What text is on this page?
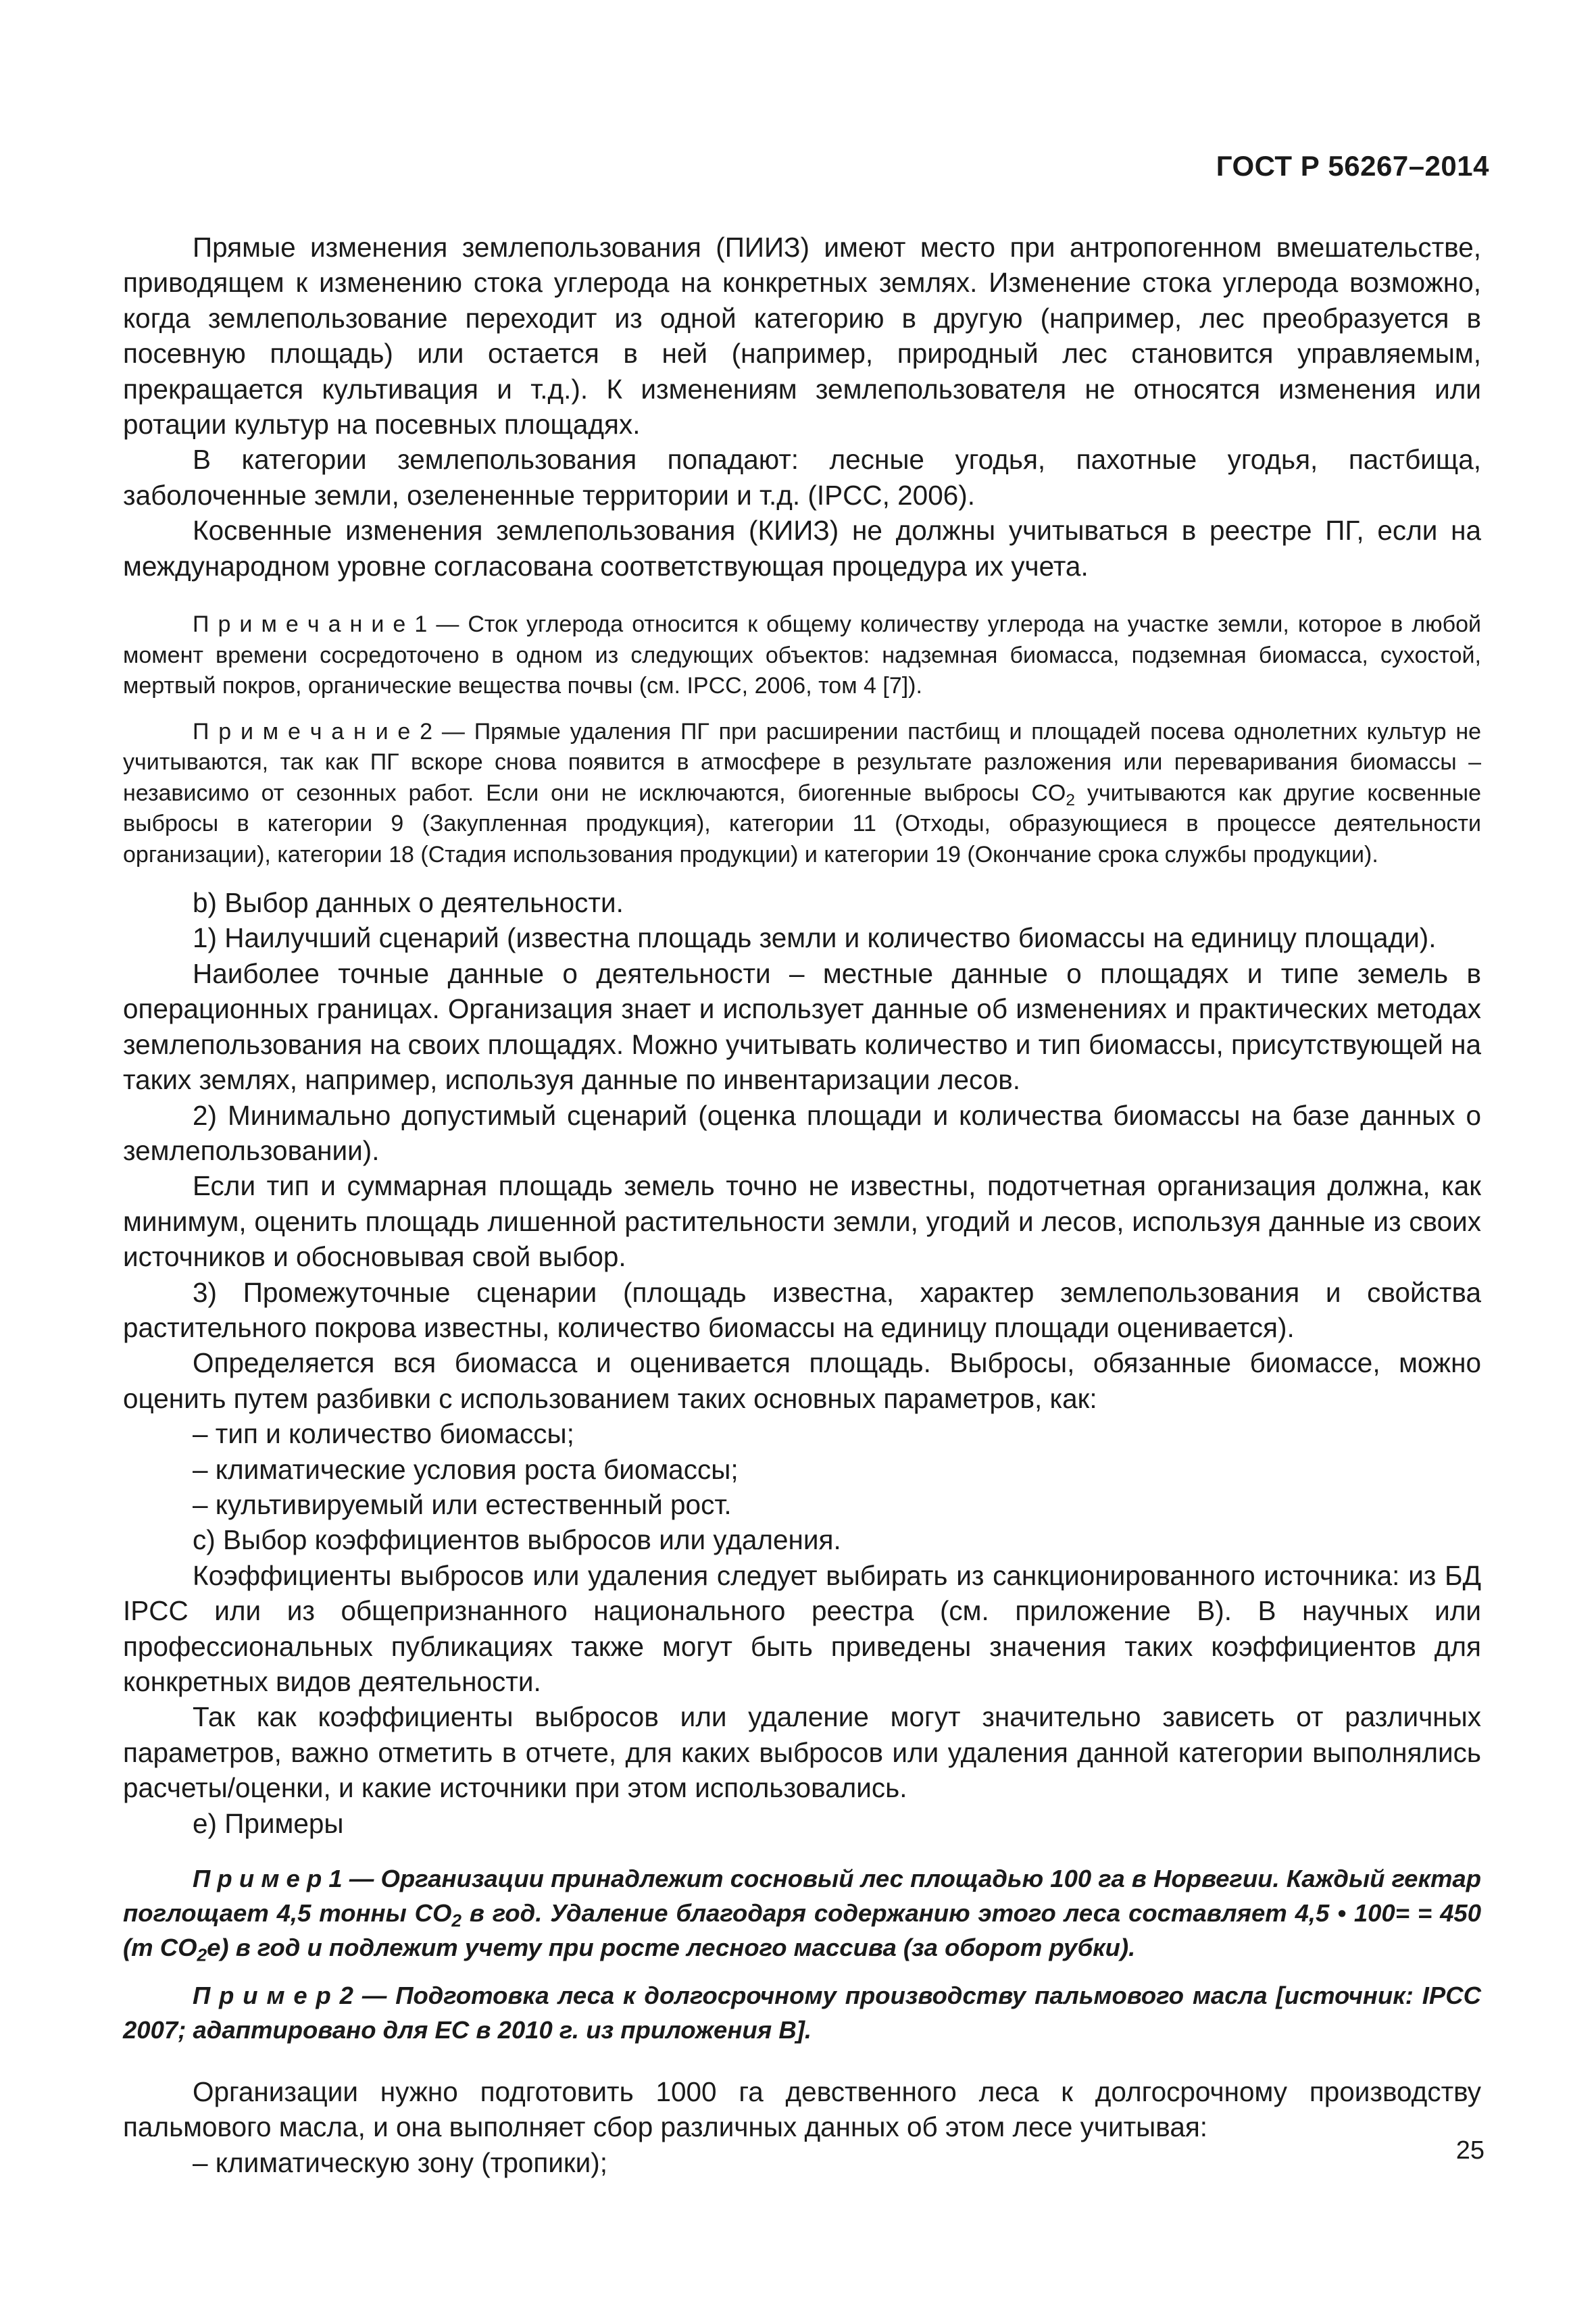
ГОСТ Р 56267–2014

Прямые изменения землепользования (ПИИЗ) имеют место при антропогенном вмешательстве, приводящем к изменению стока углерода на конкретных землях. Изменение стока углерода возможно, когда землепользование переходит из одной категорию в другую (например, лес преобразуется в посевную площадь) или остается в ней (например, природный лес становится управляемым, прекращается культивация и т.д.). К изменениям землепользователя не относятся изменения или ротации культур на посевных площадях.

В категории землепользования попадают: лесные угодья, пахотные угодья, пастбища, заболоченные земли, озелененные территории и т.д. (IPCC, 2006).

Косвенные изменения землепользования (КИИЗ) не должны учитываться в реестре ПГ, если на международном уровне согласована соответствующая процедура их учета.

П р и м е ч а н и е 1 — Сток углерода относится к общему количеству углерода на участке земли, которое в любой момент времени сосредоточено в одном из следующих объектов: надземная биомасса, подземная биомасса, сухостой, мертвый покров, органические вещества почвы (см. IPCC, 2006, том 4 [7]).

П р и м е ч а н и е 2 — Прямые удаления ПГ при расширении пастбищ и площадей посева однолетних культур не учитываются, так как ПГ вскоре снова появится в атмосфере в результате разложения или переваривания биомассы – независимо от сезонных работ. Если они не исключаются, биогенные выбросы $CO_2$ учитываются как другие косвенные выбросы в категории 9 (Закупленная продукция), категории 11 (Отходы, образующиеся в процессе деятельности организации), категории 18 (Стадия использования продукции) и категории 19 (Окончание срока службы продукции).

b) Выбор данных о деятельности.

1) Наилучший сценарий (известна площадь земли и количество биомассы на единицу площади).

Наиболее точные данные о деятельности – местные данные о площадях и типе земель в операционных границах. Организация знает и использует данные об изменениях и практических методах землепользования на своих площадях. Можно учитывать количество и тип биомассы, присутствующей на таких землях, например, используя данные по инвентаризации лесов.

2) Минимально допустимый сценарий (оценка площади и количества биомассы на базе данных о землепользовании).

Если тип и суммарная площадь земель точно не известны, подотчетная организация должна, как минимум, оценить площадь лишенной растительности земли, угодий и лесов, используя данные из своих источников и обосновывая свой выбор.

3) Промежуточные сценарии (площадь известна, характер землепользования и свойства растительного покрова известны, количество биомассы на единицу площади оценивается).

Определяется вся биомасса и оценивается площадь. Выбросы, обязанные биомассе, можно оценить путем разбивки с использованием таких основных параметров, как:

– тип и количество биомассы;

– климатические условия роста биомассы;

– культивируемый или естественный рост.

с) Выбор коэффициентов выбросов или удаления.

Коэффициенты выбросов или удаления следует выбирать из санкционированного источника: из БД IPCC или из общепризнанного национального реестра (см. приложение В). В научных или профессиональных публикациях также могут быть приведены значения таких коэффициентов для конкретных видов деятельности.

Так как коэффициенты выбросов или удаление могут значительно зависеть от различных параметров, важно отметить в отчете, для каких выбросов или удаления данной категории выполнялись расчеты/оценки, и какие источники при этом использовались.

е) Примеры

П р и м е р 1 — Организации принадлежит сосновый лес площадью 100 га в Норвегии. Каждый гектар поглощает 4,5 тонны $CO_2$ в год. Удаление благодаря содержанию этого леса составляет 4,5 • 100= = 450 (т $CO_2е$) в год и подлежит учету при росте лесного массива (за оборот рубки).

П р и м е р 2 — Подготовка леса к долгосрочному производству пальмового масла [источник: IPCC 2007; адаптировано для ЕС в 2010 г. из приложения В].

Организации нужно подготовить 1000 га девственного леса к долгосрочному производству пальмового масла, и она выполняет сбор различных данных об этом лесе учитывая:

– климатическую зону (тропики);	25
